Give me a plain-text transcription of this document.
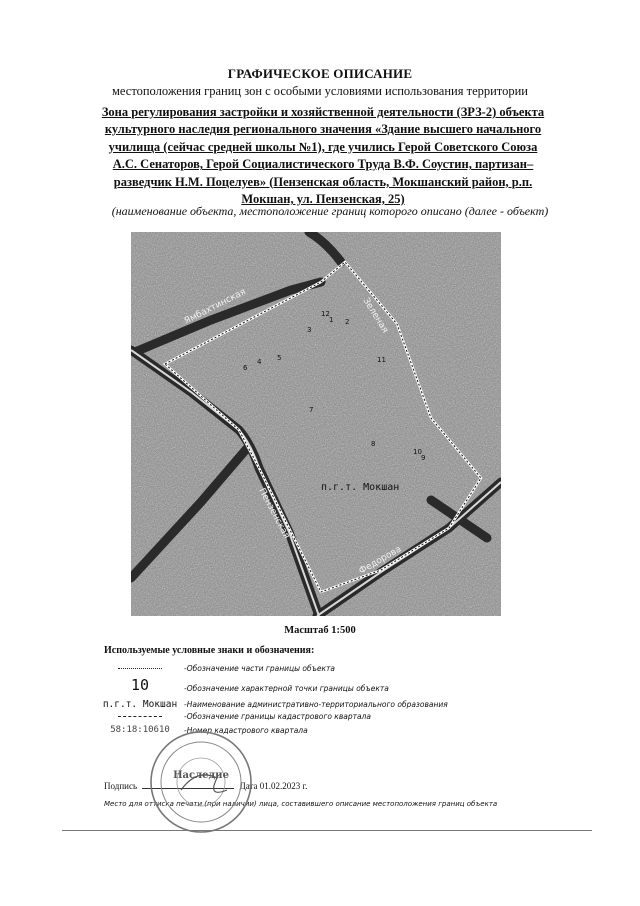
ГРАФИЧЕСКОЕ ОПИСАНИЕ
местоположения границ зон с особыми условиями использования территории
Зона регулирования застройки и хозяйственной деятельности (ЗРЗ-2) объекта
культурного наследия регионального значения «Здание высшего начального
училища (сейчас средней школы №1), где учились Герой Советского Союза
А.С. Сенаторов, Герой Социалистического Труда В.Ф. Соустин, партизан–
разведчик Н.М. Поцелуев» (Пензенская область, Мокшанский район, р.п.
Мокшан, ул. Пензенская, 25)
(наименование объекта, местоположение границ которого описано (далее - объект)
Ямбахтинская
Пензенская
Зеленая
Федорова
п.г.т. Мокшан
1 2
3
4 5
6
7
8
9
10
11
12
Масштаб 1:500
Используемые условные знаки и обозначения:
-Обозначение части границы объекта
10	-Обозначение характерной точки границы объекта
п.г.т. Мокшан -Наименование административно-территориального образования
-Обозначение границы кадастрового квартала
58:18:10610	-Номер кадастрового квартала
Подпись	Дата 01.02.2023 г.
Место для оттиска печати (при наличии) лица, составившего описание местоположения границ объекта
Наследие
